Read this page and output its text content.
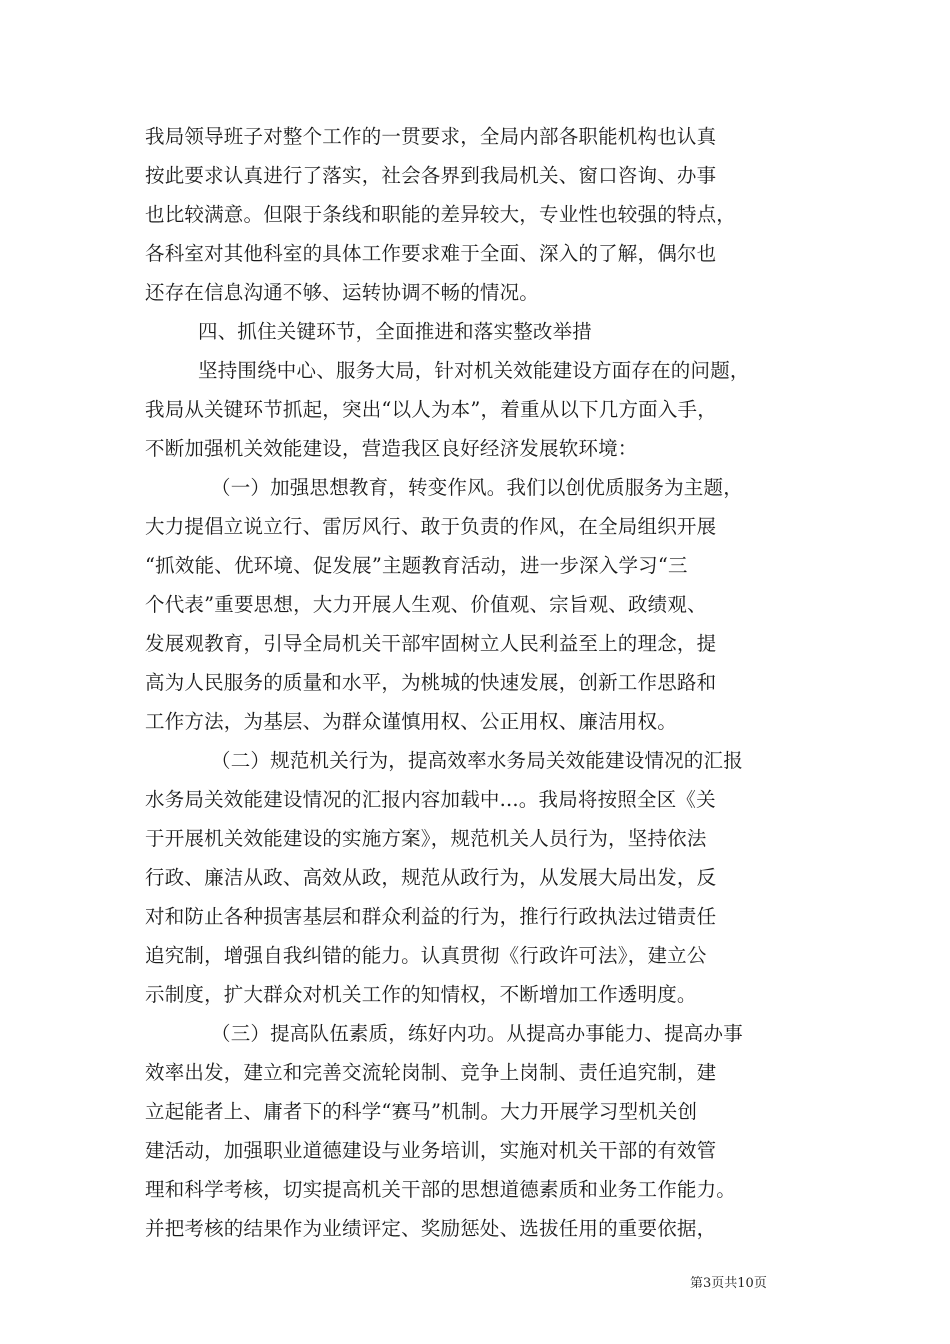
我局领导班子对整个工作的一贯要求，全局内部各职能机构也认真
按此要求认真进行了落实，社会各界到我局机关、窗口咨询、办事
也比较满意。但限于条线和职能的差异较大，专业性也较强的特点，
各科室对其他科室的具体工作要求难于全面、深入的了解，偶尔也
还存在信息沟通不够、运转协调不畅的情况。
四、抓住关键环节，全面推进和落实整改举措
坚持围绕中心、服务大局，针对机关效能建设方面存在的问题，
我局从关键环节抓起，突出“以人为本”，着重从以下几方面入手，
不断加强机关效能建设，营造我区良好经济发展软环境：
（一）加强思想教育，转变作风。我们以创优质服务为主题，
大力提倡立说立行、雷厉风行、敢于负责的作风，在全局组织开展
“抓效能、优环境、促发展”主题教育活动，进一步深入学习“三
个代表”重要思想，大力开展人生观、价值观、宗旨观、政绩观、
发展观教育，引导全局机关干部牢固树立人民利益至上的理念，提
高为人民服务的质量和水平，为桃城的快速发展，创新工作思路和
工作方法，为基层、为群众谨慎用权、公正用权、廉洁用权。
（二）规范机关行为，提高效率水务局关效能建设情况的汇报
水务局关效能建设情况的汇报内容加载中...。我局将按照全区《关
于开展机关效能建设的实施方案》，规范机关人员行为，坚持依法
行政、廉洁从政、高效从政，规范从政行为，从发展大局出发，反
对和防止各种损害基层和群众利益的行为，推行行政执法过错责任
追究制，增强自我纠错的能力。认真贯彻《行政许可法》，建立公
示制度，扩大群众对机关工作的知情权，不断增加工作透明度。
（三）提高队伍素质，练好内功。从提高办事能力、提高办事
效率出发，建立和完善交流轮岗制、竞争上岗制、责任追究制，建
立起能者上、庸者下的科学“赛马”机制。大力开展学习型机关创
建活动，加强职业道德建设与业务培训，实施对机关干部的有效管
理和科学考核，切实提高机关干部的思想道德素质和业务工作能力。
并把考核的结果作为业绩评定、奖励惩处、选拔任用的重要依据，
第3页共10页
